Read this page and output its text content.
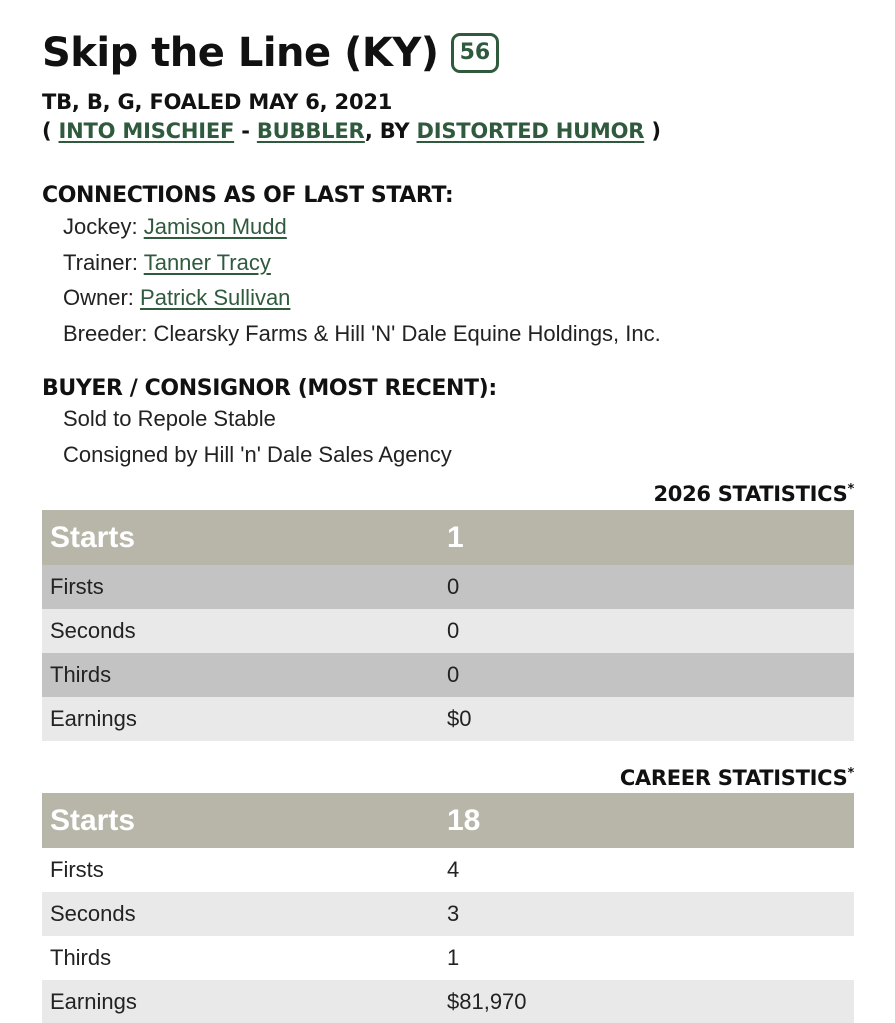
Skip the Line (KY) 56
TB, B, G, FOALED MAY 6, 2021
( INTO MISCHIEF - BUBBLER, BY DISTORTED HUMOR )
CONNECTIONS AS OF LAST START:
Jockey: Jamison Mudd
Trainer: Tanner Tracy
Owner: Patrick Sullivan
Breeder: Clearsky Farms & Hill 'N' Dale Equine Holdings, Inc.
BUYER / CONSIGNOR (MOST RECENT):
Sold to Repole Stable
Consigned by Hill 'n' Dale Sales Agency
2026 STATISTICS*
Starts	1
Firsts	0
Seconds	0
Thirds	0
Earnings	$0
CAREER STATISTICS*
Starts	18
Firsts	4
Seconds	3
Thirds	1
Earnings	$81,970
